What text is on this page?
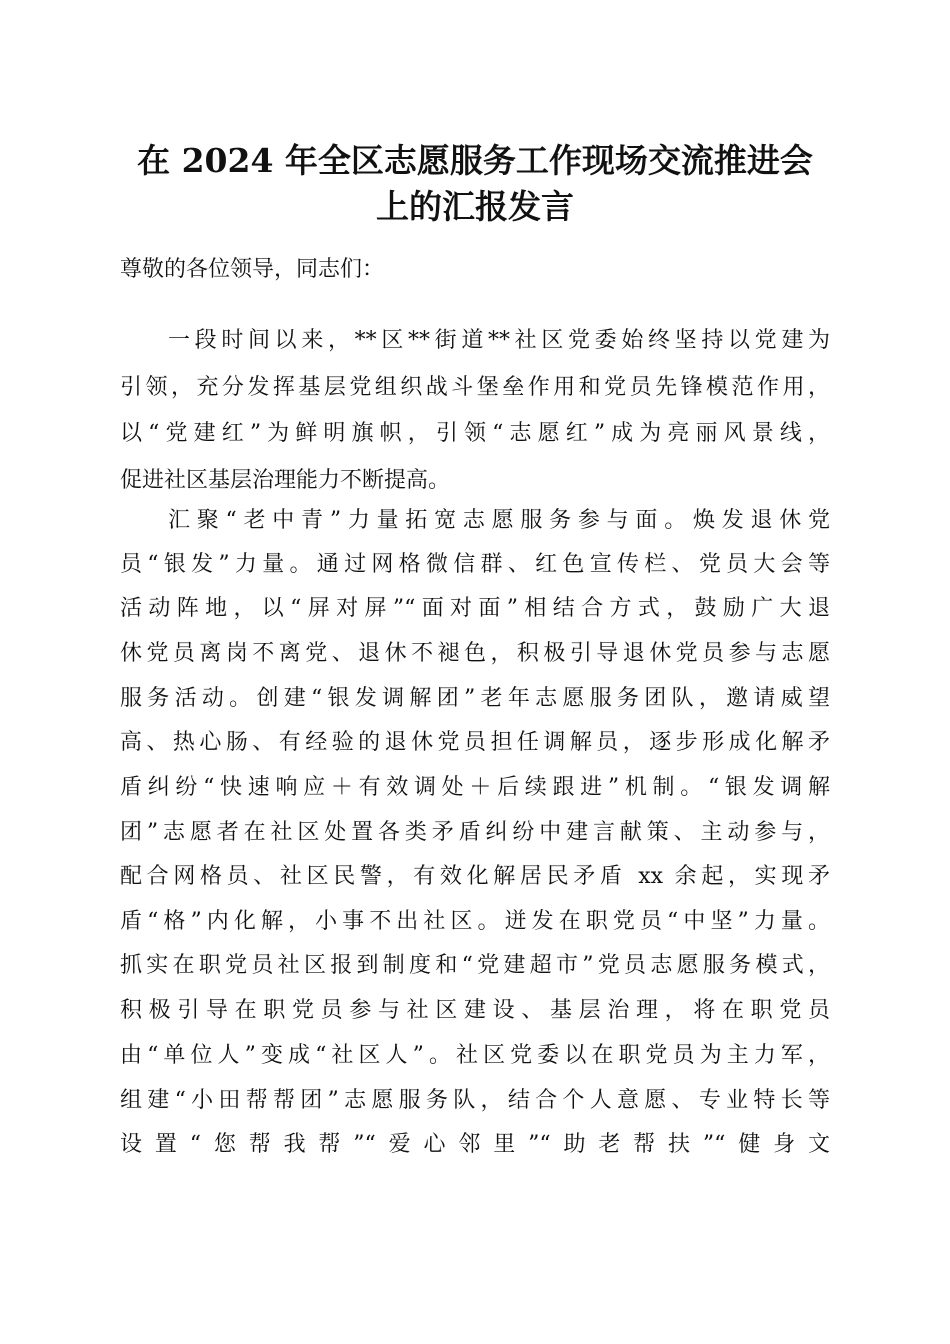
在 2024 年全区志愿服务工作现场交流推进会
上的汇报发言
尊敬的各位领导，同志们：
一段时间以来，**区**街道**社区党委始终坚持以党建为
引领，充分发挥基层党组织战斗堡垒作用和党员先锋模范作用，
以“党建红”为鲜明旗帜，引领“志愿红”成为亮丽风景线，
促进社区基层治理能力不断提高。
汇聚“老中青”力量拓宽志愿服务参与面。焕发退休党
员“银发”力量。通过网格微信群、红色宣传栏、党员大会等
活动阵地，以“屏对屏”“面对面”相结合方式，鼓励广大退
休党员离岗不离党、退休不褪色，积极引导退休党员参与志愿
服务活动。创建“银发调解团”老年志愿服务团队，邀请威望
高、热心肠、有经验的退休党员担任调解员，逐步形成化解矛
盾纠纷“快速响应＋有效调处＋后续跟进”机制。“银发调解
团”志愿者在社区处置各类矛盾纠纷中建言献策、主动参与，
配合网格员、社区民警，有效化解居民矛盾 xx 余起，实现矛
盾“格”内化解，小事不出社区。迸发在职党员“中坚”力量。
抓实在职党员社区报到制度和“党建超市”党员志愿服务模式，
积极引导在职党员参与社区建设、基层治理，将在职党员
由“单位人”变成“社区人”。社区党委以在职党员为主力军，
组建“小田帮帮团”志愿服务队，结合个人意愿、专业特长等
设置“您帮我帮”“爱心邻里”“助老帮扶”“健身文
